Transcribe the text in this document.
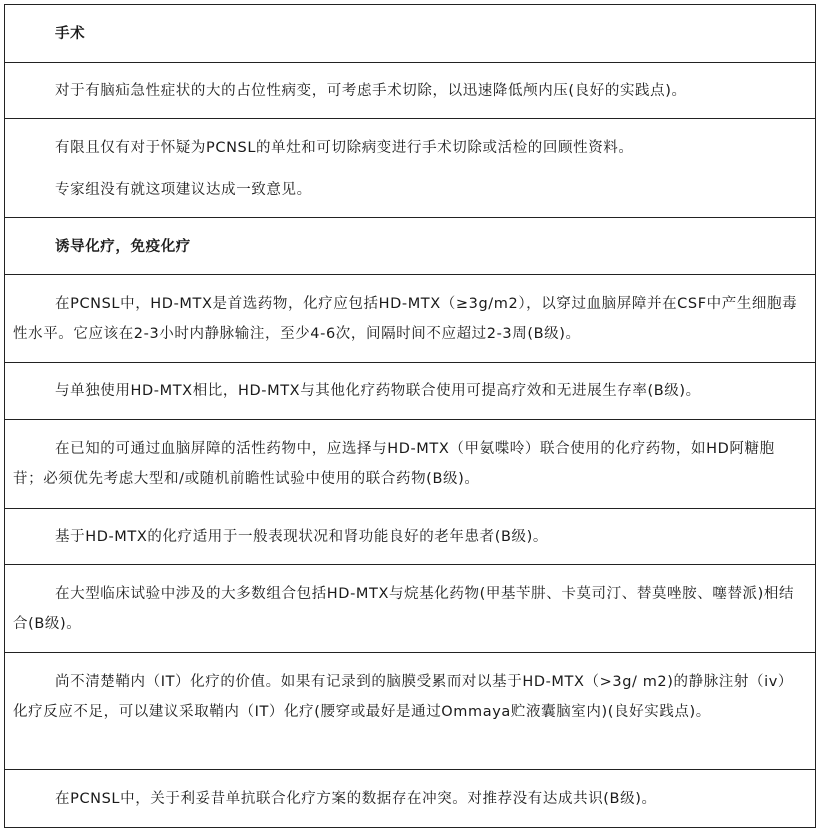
手术

对于有脑疝急性症状的大的占位性病变，可考虑手术切除，以迅速降低颅内压(良好的实践点)。

有限且仅有对于怀疑为PCNSL的单灶和可切除病变进行手术切除或活检的回顾性资料。

专家组没有就这项建议达成一致意见。

诱导化疗，免疫化疗

在PCNSL中，HD-MTX是首选药物，化疗应包括HD-MTX（≥3g/m2），以穿过血脑屏障并在CSF中产生细胞毒性水平。它应该在2-3小时内静脉输注，至少4-6次，间隔时间不应超过2-3周(B级)。

与单独使用HD-MTX相比，HD-MTX与其他化疗药物联合使用可提高疗效和无进展生存率(B级)。

在已知的可通过血脑屏障的活性药物中，应选择与HD-MTX（甲氨喋呤）联合使用的化疗药物，如HD阿糖胞苷；必须优先考虑大型和/或随机前瞻性试验中使用的联合药物(B级)。

基于HD-MTX的化疗适用于一般表现状况和肾功能良好的老年患者(B级)。

在大型临床试验中涉及的大多数组合包括HD-MTX与烷基化药物(甲基苄肼、卡莫司汀、替莫唑胺、噻替派)相结合(B级)。

尚不清楚鞘内（IT）化疗的价值。如果有记录到的脑膜受累而对以基于HD-MTX（>3g/ m2)的静脉注射（iv）化疗反应不足，可以建议采取鞘内（IT）化疗(腰穿或最好是通过Ommaya贮液囊脑室内)(良好实践点)。

在PCNSL中，关于利妥昔单抗联合化疗方案的数据存在冲突。对推荐没有达成共识(B级)。
